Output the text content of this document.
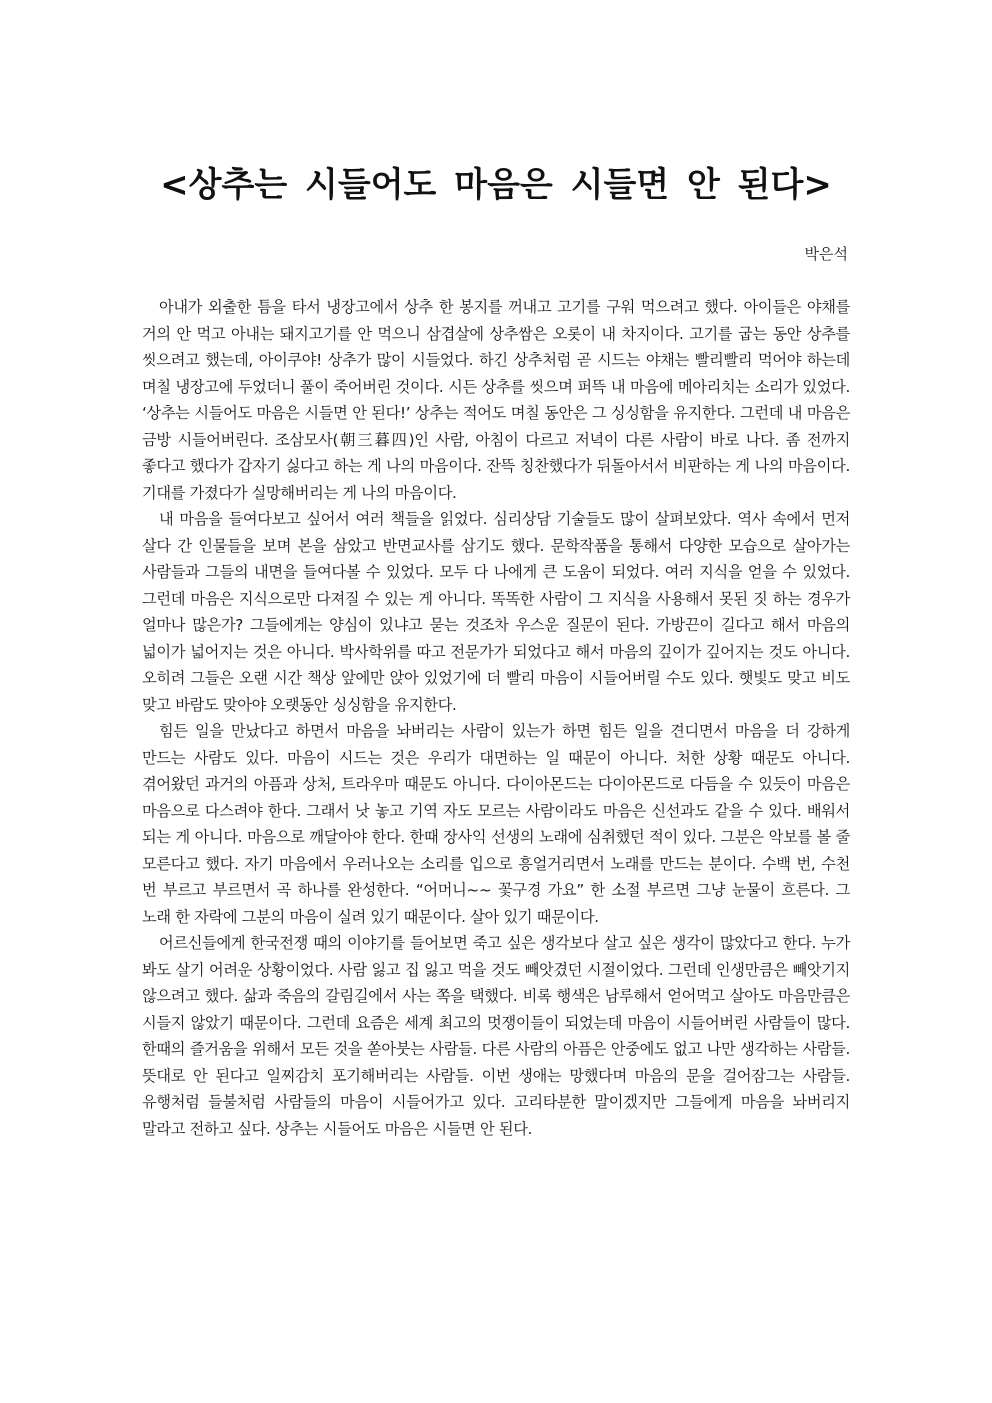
<상추는 시들어도 마음은 시들면 안 된다>
박은석

아내가 외출한 틈을 타서 냉장고에서 상추 한 봉지를 꺼내고 고기를 구워 먹으려고 했다. 아이들은 야채를 거의 안 먹고 아내는 돼지고기를 안 먹으니 삼겹살에 상추쌈은 오롯이 내 차지이다. 고기를 굽는 동안 상추를 씻으려고 했는데, 아이쿠야! 상추가 많이 시들었다. 하긴 상추처럼 곧 시드는 야채는 빨리빨리 먹어야 하는데 며칠 냉장고에 두었더니 풀이 죽어버린 것이다. 시든 상추를 씻으며 퍼뜩 내 마음에 메아리치는 소리가 있었다. ‘상추는 시들어도 마음은 시들면 안 된다!’ 상추는 적어도 며칠 동안은 그 싱싱함을 유지한다. 그런데 내 마음은 금방 시들어버린다. 조삼모사(朝三暮四)인 사람, 아침이 다르고 저녁이 다른 사람이 바로 나다. 좀 전까지 좋다고 했다가 갑자기 싫다고 하는 게 나의 마음이다. 잔뜩 칭찬했다가 뒤돌아서서 비판하는 게 나의 마음이다. 기대를 가졌다가 실망해버리는 게 나의 마음이다.

내 마음을 들여다보고 싶어서 여러 책들을 읽었다. 심리상담 기술들도 많이 살펴보았다. 역사 속에서 먼저 살다 간 인물들을 보며 본을 삼았고 반면교사를 삼기도 했다. 문학작품을 통해서 다양한 모습으로 살아가는 사람들과 그들의 내면을 들여다볼 수 있었다. 모두 다 나에게 큰 도움이 되었다. 여러 지식을 얻을 수 있었다. 그런데 마음은 지식으로만 다져질 수 있는 게 아니다. 똑똑한 사람이 그 지식을 사용해서 못된 짓 하는 경우가 얼마나 많은가? 그들에게는 양심이 있냐고 묻는 것조차 우스운 질문이 된다. 가방끈이 길다고 해서 마음의 넓이가 넓어지는 것은 아니다. 박사학위를 따고 전문가가 되었다고 해서 마음의 깊이가 깊어지는 것도 아니다. 오히려 그들은 오랜 시간 책상 앞에만 앉아 있었기에 더 빨리 마음이 시들어버릴 수도 있다. 햇빛도 맞고 비도 맞고 바람도 맞아야 오랫동안 싱싱함을 유지한다.

힘든 일을 만났다고 하면서 마음을 놔버리는 사람이 있는가 하면 힘든 일을 견디면서 마음을 더 강하게 만드는 사람도 있다. 마음이 시드는 것은 우리가 대면하는 일 때문이 아니다. 처한 상황 때문도 아니다. 겪어왔던 과거의 아픔과 상처, 트라우마 때문도 아니다. 다이아몬드는 다이아몬드로 다듬을 수 있듯이 마음은 마음으로 다스려야 한다. 그래서 낫 놓고 기역 자도 모르는 사람이라도 마음은 신선과도 같을 수 있다. 배워서 되는 게 아니다. 마음으로 깨달아야 한다. 한때 장사익 선생의 노래에 심취했던 적이 있다. 그분은 악보를 볼 줄 모른다고 했다. 자기 마음에서 우러나오는 소리를 입으로 흥얼거리면서 노래를 만드는 분이다. 수백 번, 수천 번 부르고 부르면서 곡 하나를 완성한다. “어머니~~ 꽃구경 가요” 한 소절 부르면 그냥 눈물이 흐른다. 그 노래 한 자락에 그분의 마음이 실려 있기 때문이다. 살아 있기 때문이다.

어르신들에게 한국전쟁 때의 이야기를 들어보면 죽고 싶은 생각보다 살고 싶은 생각이 많았다고 한다. 누가 봐도 살기 어려운 상황이었다. 사람 잃고 집 잃고 먹을 것도 빼앗겼던 시절이었다. 그런데 인생만큼은 빼앗기지 않으려고 했다. 삶과 죽음의 갈림길에서 사는 쪽을 택했다. 비록 행색은 남루해서 얻어먹고 살아도 마음만큼은 시들지 않았기 때문이다. 그런데 요즘은 세계 최고의 멋쟁이들이 되었는데 마음이 시들어버린 사람들이 많다. 한때의 즐거움을 위해서 모든 것을 쏟아붓는 사람들. 다른 사람의 아픔은 안중에도 없고 나만 생각하는 사람들. 뜻대로 안 된다고 일찌감치 포기해버리는 사람들. 이번 생애는 망했다며 마음의 문을 걸어잠그는 사람들. 유행처럼 들불처럼 사람들의 마음이 시들어가고 있다. 고리타분한 말이겠지만 그들에게 마음을 놔버리지 말라고 전하고 싶다. 상추는 시들어도 마음은 시들면 안 된다.
